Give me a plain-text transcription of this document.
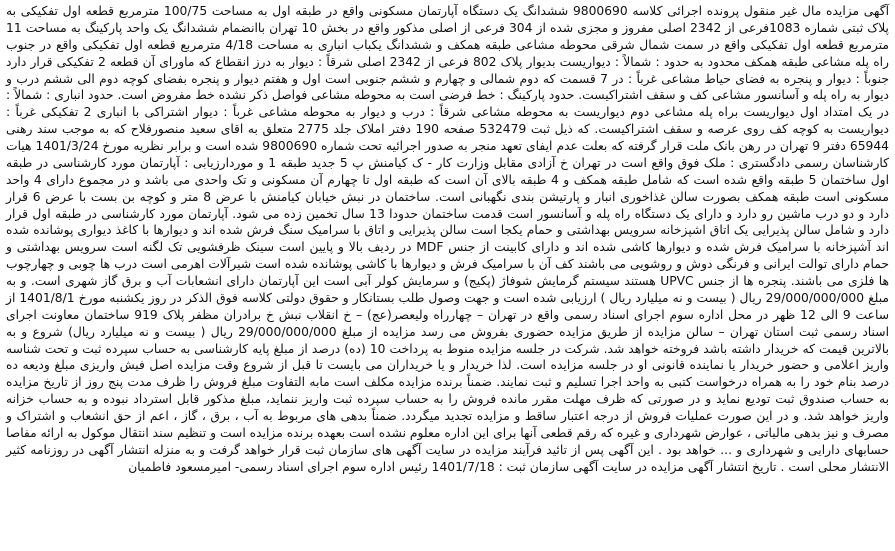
آگهی مزایده مال غیر منقول پرونده اجرائی کلاسه 9800690 ششدانگ یک دستگاه آپارتمان مسکونی واقع در طبقه اول به مساحت 100/75 مترمربع قطعه اول تفکیکی به پلاک ثبتی شماره 1083فرعی از 2342 اصلی مفروز و مجزی شده از 304 فرعی از اصلی مذکور واقع در بخش 10 تهران باانضمام ششدانگ یک واحد پارکینگ به مساحت 11 مترمربع قطعه اول تفکیکی واقع در سمت شمال شرقی محوطه مشاعی طبقه همکف و ششدانگ یکباب انباری به مساحت 4/18 مترمربع قطعه اول تفکیکی واقع در جنوب راه پله مشاعی طبقه همکف محدود به حدود : شمالاً : دیواریست بدیوار پلاک 802 فرعی از 2342 اصلی شرقاً : دیوار به درز انقطاع که ماورای آن قطعه 2 تفکیکی قرار دارد جنوباً : دیوار و پنجره به فضای حیاط مشاعی غرباً : در 7 قسمت که دوم شمالی و چهارم و ششم جنوبی است اول و هفتم دیوار و پنجره بفضای کوچه دوم الی ششم درب و دیوار به راه پله و آسانسور مشاعی کف و سقف اشتراکیست. حدود پارکینگ : خط فرضی است به محوطه مشاعی فواصل ذکر نشده خط مفروض است. حدود انباری : شمالاً : در یک امتداد اول دیواریست براه پله مشاعی دوم دیواریست به محوطه مشاعی شرقاً : درب و دیوار به محوطه مشاعی غرباً : دیوار اشتراکی با انباری 2 تفکیکی غرباً : دیواریست به کوچه کف روی عرصه و سقف اشتراکیست. که ذیل ثبت 532479 صفحه 190 دفتر املاک جلد 2775 متعلق به اقای سعید منصورفلاح که به موجب سند رهنی 65944 دفتر 9 تهران در رهن بانک ملت قرار گرفته که بعلت عدم ایفای تعهد منجر به صدور اجرائیه تحت شماره 9800690 شده است و برابر نظریه مورخ 1401/3/24 هیات کارشناسان رسمی دادگستری : ملک فوق واقع است در تهران خ آزادی مقابل وزارت کار - ک کیامنش پ 5 جدید طبقه 1 و موردارزیابی : آپارتمان مورد کارشناسی در طبقه اول ساختمان 5 طبقه واقع شده است که شامل طبقه همکف و 4 طبقه بالای آن است که طبقه اول تا چهارم آن مسکونی و تک واحدی می باشد و در مجموع دارای 4 واحد مسکونی است طبقه همکف بصورت سالن غذاخوری انبار و پارتیشن بندی نگهبانی است. ساختمان در نبش خیابان کیامنش با عرض 8 متر و کوچه بن بست با عرض 6 قرار دارد و دو درب ماشین رو دارد و دارای یک دستگاه راه پله و آسانسور است قدمت ساختمان حدودا 13 سال تخمین زده می شود. آپارتمان مورد کارشناسی در طبقه اول قرار دارد و شامل سالن پذیرایی یک اتاق اشپزخانه سرویس بهداشتی و حمام یکجا است سالن پذیرایی و اتاق با سرامیک سنگ فرش شده اند و دیوارها با کاغذ دیواری پوشانده شده اند آشپزخانه با سرامیک فرش شده و دیوارها کاشی شده اند و دارای کابینت از جنس MDF در ردیف بالا و پایین است سینک ظرفشویی تک لگنه است سرویس بهداشتی و حمام دارای توالت ایرانی و فرنگی دوش و روشویی می باشند کف آن با سرامیک فرش و دیوارها با کاشی پوشانده شده است شیرآلات اهرمی است درب ها چوبی و چهارچوب ها فلزی می باشند. پنجره ها از جنس UPVC هستند سیستم گرمایش شوفاژ (پکیج) و سرمایش کولر آبی است این آپارتمان دارای انشعابات آب و برق گاز شهری است. و به مبلغ 29/000/000/000 ریال ( بیست و نه میلیارد ریال ) ارزیابی شده است و جهت وصول طلب بستانکار و حقوق دولتی کلاسه فوق الذکر در روز یکشنبه مورخ 1401/8/1 از ساعت 9 الی 12 ظهر در محل اداره سوم اجرای اسناد رسمی واقع در تهران – چهارراه ولیعصر(عج) – خ انقلاب نبش خ برادران مظفر پلاک 919 ساختمان معاونت اجرای اسناد رسمی ثبت استان تهران – سالن مزایده از طریق مزایده حضوری بفروش می رسد مزایده از مبلغ 29/000/000/000 ریال ( بیست و نه میلیارد ریال) شروع و به بالاترین قیمت که خریدار داشته باشد فروخته خواهد شد. شرکت در جلسه مزایده منوط به پرداخت 10 (ده) درصد از مبلغ پایه کارشناسی به حساب سپرده ثبت و تحت شناسه واریز اعلامی و حضور خریدار یا نماینده قانونی او در جلسه مزایده است. لذا خریدار و یا خریداران می بایست تا قبل از شروع وقت مزایده اصل فیش واریزی مبلغ ودیعه ده درصد بنام خود را به همراه درخواست کتبی به واحد اجرا تسلیم و ثبت نمایند. ضمناً برنده مزایده مکلف است مابه التفاوت مبلغ فروش را ظرف مدت پنج روز از تاریخ مزایده به حساب صندوق ثبت تودیع نماید و در صورتی که ظرف مهلت مقرر مانده فروش را به حساب سپرده ثبت واریز ننماید، مبلغ مذکور قابل استرداد نبوده و به حساب خزانه واریز خواهد شد. و در این صورت عملیات فروش از درجه اعتبار ساقط و مزایده تجدید میگردد. ضمناً بدهی های مربوط به آب ، برق ، گاز ، اعم از حق انشعاب و اشتراک و مصرف و نیز بدهی مالیاتی ، عوارض شهرداری و غیره که رقم قطعی آنها برای این اداره معلوم نشده است بعهده برنده مزایده است و تنظیم سند انتقال موکول به ارائه مفاصا حسابهای دارایی و شهرداری و ... خواهد بود . این آگهی پس از تائید فرآیند مزایده در سایت آگهی های سازمان ثبت قرار خواهد گرفت و به منزله انتشار آگهی در روزنامه کثیر الانتشار محلی است . تاریخ انتشار آگهی مزایده در سایت آگهی سازمان ثبت : 1401/7/18 رئیس اداره سوم اجرای اسناد رسمی- امیرمسعود فاطمیان
